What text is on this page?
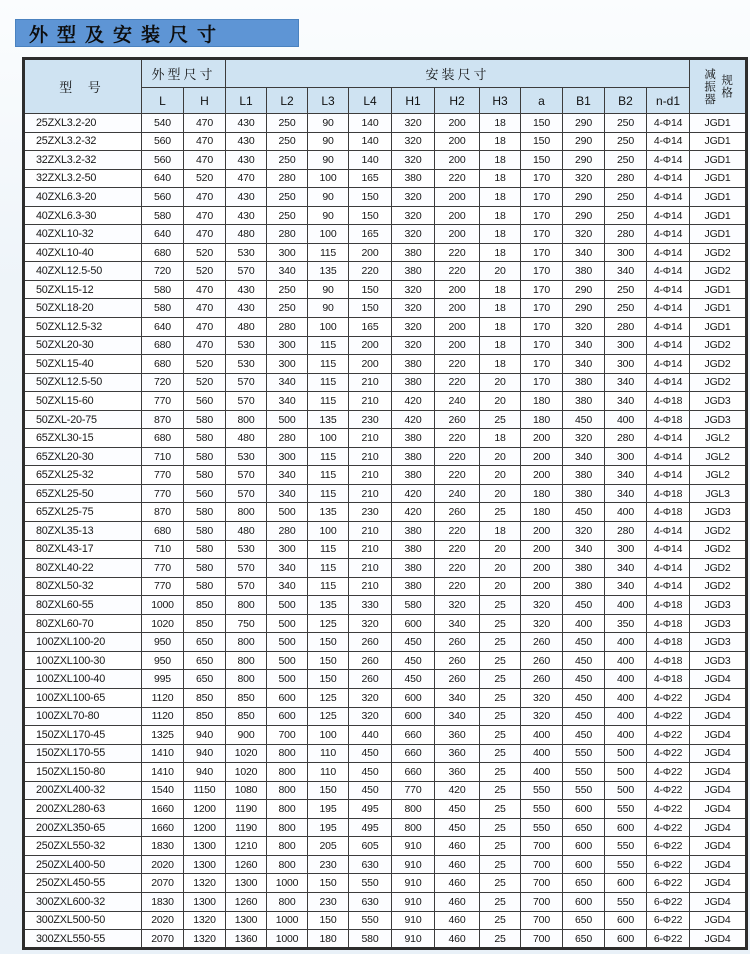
外型及安装尺寸
型 号	外型尺寸		安装尺寸											减振器 规格

	L	H	L1	L2	L3	L4	H1	H2	H3	a	B1	B2	n-d1	
25ZXL3.2-20	540	470	430	250	90	140	320	200	18	150	290	250	4-Φ14	JGD1
25ZXL3.2-32	560	470	430	250	90	140	320	200	18	150	290	250	4-Φ14	JGD1
32ZXL3.2-32	560	470	430	250	90	140	320	200	18	150	290	250	4-Φ14	JGD1
32ZXL3.2-50	640	520	470	280	100	165	380	220	18	170	320	280	4-Φ14	JGD1
40ZXL6.3-20	560	470	430	250	90	150	320	200	18	170	290	250	4-Φ14	JGD1
40ZXL6.3-30	580	470	430	250	90	150	320	200	18	170	290	250	4-Φ14	JGD1
40ZXL10-32	640	470	480	280	100	165	320	200	18	170	320	280	4-Φ14	JGD1
40ZXL10-40	680	520	530	300	115	200	380	220	18	170	340	300	4-Φ14	JGD2
40ZXL12.5-50	720	520	570	340	135	220	380	220	20	170	380	340	4-Φ14	JGD2
50ZXL15-12	580	470	430	250	90	150	320	200	18	170	290	250	4-Φ14	JGD1
50ZXL18-20	580	470	430	250	90	150	320	200	18	170	290	250	4-Φ14	JGD1
50ZXL12.5-32	640	470	480	280	100	165	320	200	18	170	320	280	4-Φ14	JGD1
50ZXL20-30	680	470	530	300	115	200	320	200	18	170	340	300	4-Φ14	JGD2
50ZXL15-40	680	520	530	300	115	200	380	220	18	170	340	300	4-Φ14	JGD2
50ZXL12.5-50	720	520	570	340	115	210	380	220	20	170	380	340	4-Φ14	JGD2
50ZXL15-60	770	560	570	340	115	210	420	240	20	180	380	340	4-Φ18	JGD3
50ZXL-20-75	870	580	800	500	135	230	420	260	25	180	450	400	4-Φ18	JGD3
65ZXL30-15	680	580	480	280	100	210	380	220	18	200	320	280	4-Φ14	JGL2
65ZXL20-30	710	580	530	300	115	210	380	220	20	200	340	300	4-Φ14	JGL2
65ZXL25-32	770	580	570	340	115	210	380	220	20	200	380	340	4-Φ14	JGL2
65ZXL25-50	770	560	570	340	115	210	420	240	20	180	380	340	4-Φ18	JGL3
65ZXL25-75	870	580	800	500	135	230	420	260	25	180	450	400	4-Φ18	JGD3
80ZXL35-13	680	580	480	280	100	210	380	220	18	200	320	280	4-Φ14	JGD2
80ZXL43-17	710	580	530	300	115	210	380	220	20	200	340	300	4-Φ14	JGD2
80ZXL40-22	770	580	570	340	115	210	380	220	20	200	380	340	4-Φ14	JGD2
80ZXL50-32	770	580	570	340	115	210	380	220	20	200	380	340	4-Φ14	JGD2
80ZXL60-55	1000	850	800	500	135	330	580	320	25	320	450	400	4-Φ18	JGD3
80ZXL60-70	1020	850	750	500	125	320	600	340	25	320	400	350	4-Φ18	JGD3
100ZXL100-20	950	650	800	500	150	260	450	260	25	260	450	400	4-Φ18	JGD3
100ZXL100-30	950	650	800	500	150	260	450	260	25	260	450	400	4-Φ18	JGD3
100ZXL100-40	995	650	800	500	150	260	450	260	25	260	450	400	4-Φ18	JGD4
100ZXL100-65	1120	850	850	600	125	320	600	340	25	320	450	400	4-Φ22	JGD4
100ZXL70-80	1120	850	850	600	125	320	600	340	25	320	450	400	4-Φ22	JGD4
150ZXL170-45	1325	940	900	700	100	440	660	360	25	400	450	400	4-Φ22	JGD4
150ZXL170-55	1410	940	1020	800	110	450	660	360	25	400	550	500	4-Φ22	JGD4
150ZXL150-80	1410	940	1020	800	110	450	660	360	25	400	550	500	4-Φ22	JGD4
200ZXL400-32	1540	1150	1080	800	150	450	770	420	25	550	550	500	4-Φ22	JGD4
200ZXL280-63	1660	1200	1190	800	195	495	800	450	25	550	600	550	4-Φ22	JGD4
200ZXL350-65	1660	1200	1190	800	195	495	800	450	25	550	650	600	4-Φ22	JGD4
250ZXL550-32	1830	1300	1210	800	205	605	910	460	25	700	600	550	6-Φ22	JGD4
250ZXL400-50	2020	1300	1260	800	230	630	910	460	25	700	600	550	6-Φ22	JGD4
250ZXL450-55	2070	1320	1300	1000	150	550	910	460	25	700	650	600	6-Φ22	JGD4
300ZXL600-32	1830	1300	1260	800	230	630	910	460	25	700	600	550	6-Φ22	JGD4
300ZXL500-50	2020	1320	1300	1000	150	550	910	460	25	700	650	600	6-Φ22	JGD4
300ZXL550-55	2070	1320	1360	1000	180	580	910	460	25	700	650	600	6-Φ22	JGD4
